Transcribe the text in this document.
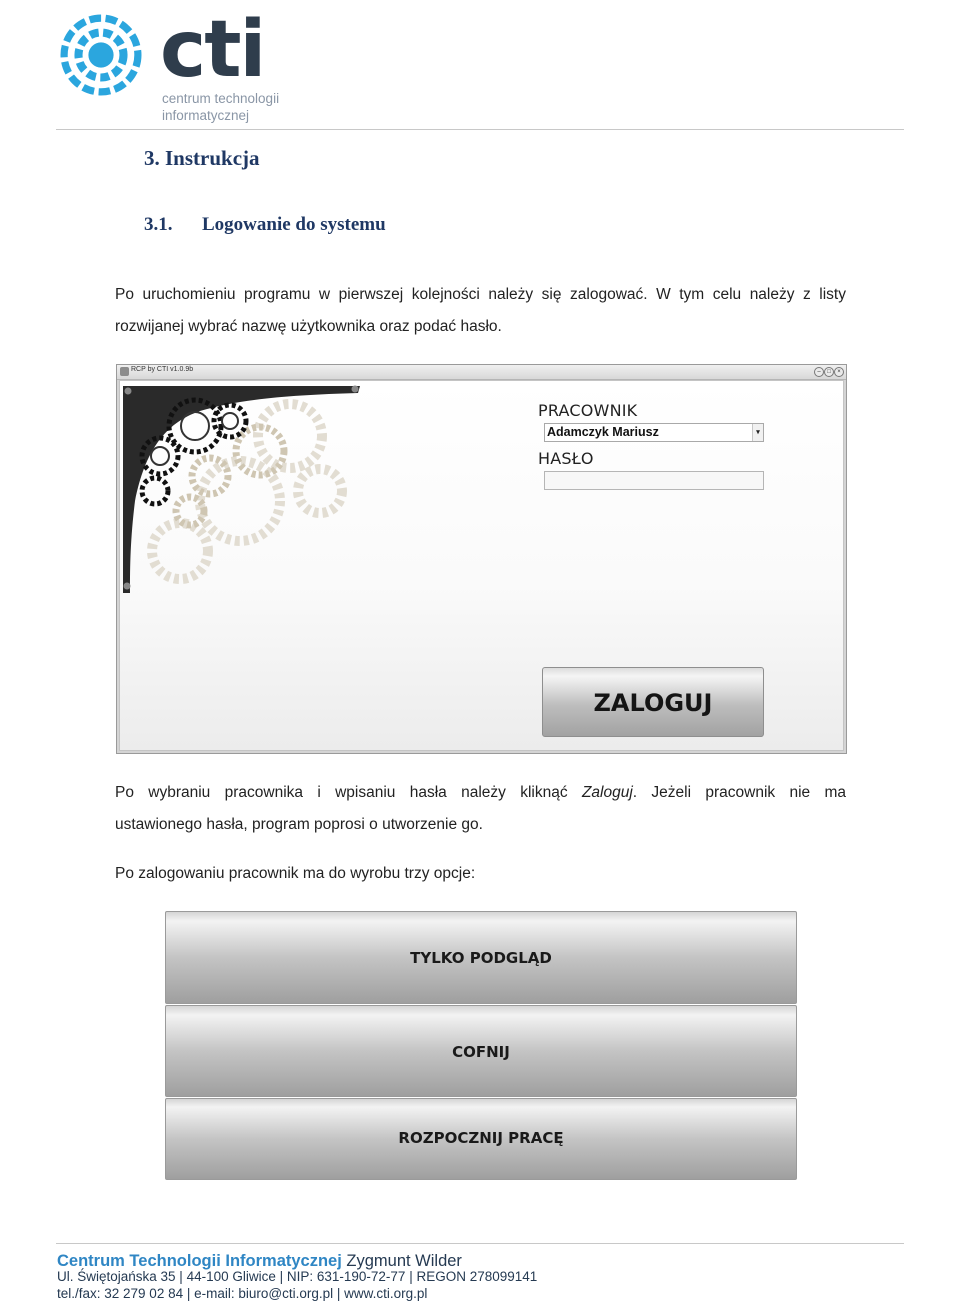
cti
centrum technologii
informatycznej
3. Instrukcja
3.1. Logowanie do systemu
Po uruchomieniu programu w pierwszej kolejności należy się zalogować. W tym celu należy z listy
rozwijanej wybrać nazwę użytkownika oraz podać hasło.
RCP by CTI v1.0.9b	–	□	×
PRACOWNIK
Adamczyk Mariusz	▾
HASŁO
ZALOGUJ
Po wybraniu pracownika i wpisaniu hasła należy kliknąć Zaloguj. Jeżeli pracownik nie ma
ustawionego hasła, program poprosi o utworzenie go.
Po zalogowaniu pracownik ma do wyrobu trzy opcje:
TYLKO PODGLĄD
COFNIJ
ROZPOCZNIJ PRACĘ
Centrum Technologii Informatycznej Zygmunt Wilder
Ul. Świętojańska 35 | 44-100 Gliwice | NIP: 631-190-72-77 | REGON 278099141
tel./fax: 32 279 02 84 | e-mail: biuro@cti.org.pl | www.cti.org.pl
